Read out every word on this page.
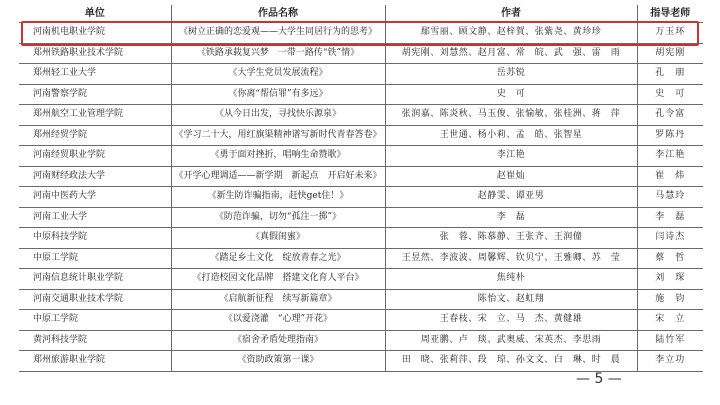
单位	作品名称	作者	指导老师
河南机电职业学院	《树立正确的恋爱观——大学生同居行为的思考》	鄢雪丽、顾文静、赵梓賀、张紫尧、黄珍珍	万玉环
郑州铁路职业技术学院	《铁路承载复兴梦　一带一路传“铁”情》	胡宪刚、刘慧然、赵月富、常　皖、武　强、雷　雨	胡宪刚
郑州轻工业大学	《大学生党员发展流程》	岳苏锐	孔　朋
河南警察学院	《你离“帮信罪”有多远》	史　可	史　可
郑州航空工业管理学院	《从今日出发，寻找快乐源泉》	张润嘉、陈炎秋、马玉俊、张愉敏、张桂洲、蒋　萍	孔令富
郑州经贸学院	《学习二十大，用红旗渠精神谱写新时代青春答卷》	王世通、杨小莉、孟　皓、张智星	罗陈丹
河南经贸职业学院	《勇于面对挫折，唱响生命赞歌》	李江艳	李江艳
河南财经政法大学	《开学心理调适——新学期　新起点　开启好未来》	赵崔灿	崔　炜
河南中医药大学	《新生防诈骗指南，赶快get住！》	赵静雯、谭亚男	马慧玲
河南工业大学	《防范诈骗，切勿“孤注一掷”》	李　磊	李　磊
中原科技学院	《真假闺蜜》	张　蓉、陈慕静、王张齐、王润僮	闫诗杰
中原工学院	《踏足乡土文化　绽放青春之光》	王昱然、李波波、周馨辉、钦贝宁、王雅卿、苏　莹	蔡　哲
河南信息统计职业学院	《打造校园文化品牌　搭建文化育人平台》	焦纯朴	刘　琛
河南交通职业技术学院	《启航新征程　续写新篇章》	陈怡文、赵虹翔	施　钧
中原工学院	《以爱浇灌　“心理”开花》	王春枝、宋　立、马　杰、黄健雄	宋　立
黄河科技学院	《宿舍矛盾处理指南》	周亚鹏、卢　琰、武奥威、宋英杰、李思雨	陆竹军
郑州旅游职业学院	《资助政策第一课》	田　晓、张莉萍、段　琼、孙文文、白　琳、时　晨	李立功
— 5 —
